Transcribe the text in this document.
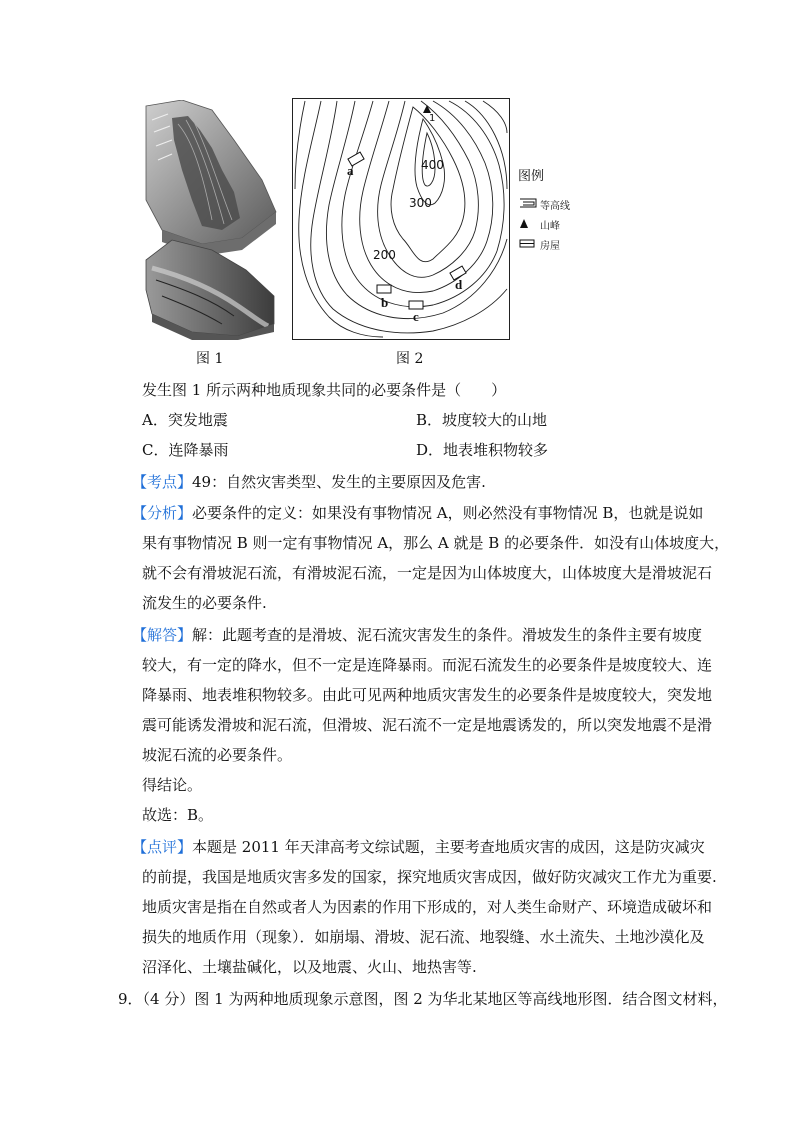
图 1
400
300
200
1
a
b
c
d
图 2
图例
等高线
山峰
房屋
发生图 1 所示两种地质现象共同的必要条件是（　　）
A．突发地震	B．坡度较大的山地
C．连降暴雨	D．地表堆积物较多
【考点】49：自然灾害类型、发生的主要原因及危害.
【分析】必要条件的定义：如果没有事物情况 A，则必然没有事物情况 B，也就是说如
果有事物情况 B 则一定有事物情况 A，那么 A 就是 B 的必要条件．如没有山体坡度大，
就不会有滑坡泥石流，有滑坡泥石流，一定是因为山体坡度大，山体坡度大是滑坡泥石
流发生的必要条件.
【解答】解：此题考查的是滑坡、泥石流灾害发生的条件。滑坡发生的条件主要有坡度
较大，有一定的降水，但不一定是连降暴雨。而泥石流发生的必要条件是坡度较大、连
降暴雨、地表堆积物较多。由此可见两种地质灾害发生的必要条件是坡度较大，突发地
震可能诱发滑坡和泥石流，但滑坡、泥石流不一定是地震诱发的，所以突发地震不是滑
坡泥石流的必要条件。
得结论。
故选：B。
【点评】本题是 2011 年天津高考文综试题，主要考查地质灾害的成因，这是防灾减灾
的前提，我国是地质灾害多发的国家，探究地质灾害成因，做好防灾减灾工作尤为重要.
地质灾害是指在自然或者人为因素的作用下形成的，对人类生命财产、环境造成破坏和
损失的地质作用（现象）．如崩塌、滑坡、泥石流、地裂缝、水土流失、土地沙漠化及
沼泽化、土壤盐碱化，以及地震、火山、地热害等.
9．（4 分）图 1 为两种地质现象示意图，图 2 为华北某地区等高线地形图．结合图文材料，
